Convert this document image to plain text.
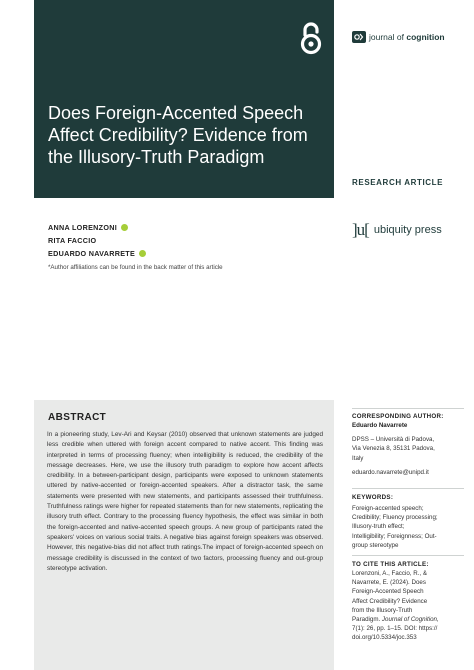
Does Foreign-Accented Speech Affect Credibility? Evidence from the Illusory-Truth Paradigm
journal of cognition
RESEARCH ARTICLE
]u[ ubiquity press
ANNA LORENZONI
RITA FACCIO
EDUARDO NAVARRETE
*Author affiliations can be found in the back matter of this article
ABSTRACT

In a pioneering study, Lev-Ari and Keysar (2010) observed that unknown statements are judged less credible when uttered with foreign accent compared to native accent. This finding was interpreted in terms of processing fluency; when intelligibility is reduced, the credibility of the message decreases. Here, we use the illusory truth paradigm to explore how accent affects credibility. In a between-participant design, participants were exposed to unknown statements uttered by native-accented or foreign-accented speakers. After a distractor task, the same statements were presented with new statements, and participants assessed their truthfulness. Truthfulness ratings were higher for repeated statements than for new statements, replicating the illusory truth effect. Contrary to the processing fluency hypothesis, the effect was similar in both the foreign-accented and native-accented speech groups. A new group of participants rated the speakers' voices on various social traits. A negative bias against foreign speakers was observed. However, this negative-bias did not affect truth ratings.The impact of foreign-accented speech on message credibility is discussed in the context of two factors, processing fluency and out-group stereotype activation.

CORRESPONDING AUTHOR:
Eduardo Navarrete
DPSS – Università di Padova,
Via Venezia 8, 35131 Padova,
Italy
eduardo.navarrete@unipd.it
KEYWORDS:
Foreign-accented speech;
Credibility; Fluency processing;
Illusory-truth effect;
Intelligibility; Foreignness; Out-
group stereotype
TO CITE THIS ARTICLE:
Lorenzoni, A., Faccio, R., &
Navarrete, E. (2024). Does
Foreign-Accented Speech
Affect Credibility? Evidence
from the Illusory-Truth
Paradigm. Journal of Cognition,
7(1): 26, pp. 1–15. DOI: https://
doi.org/10.5334/joc.353
